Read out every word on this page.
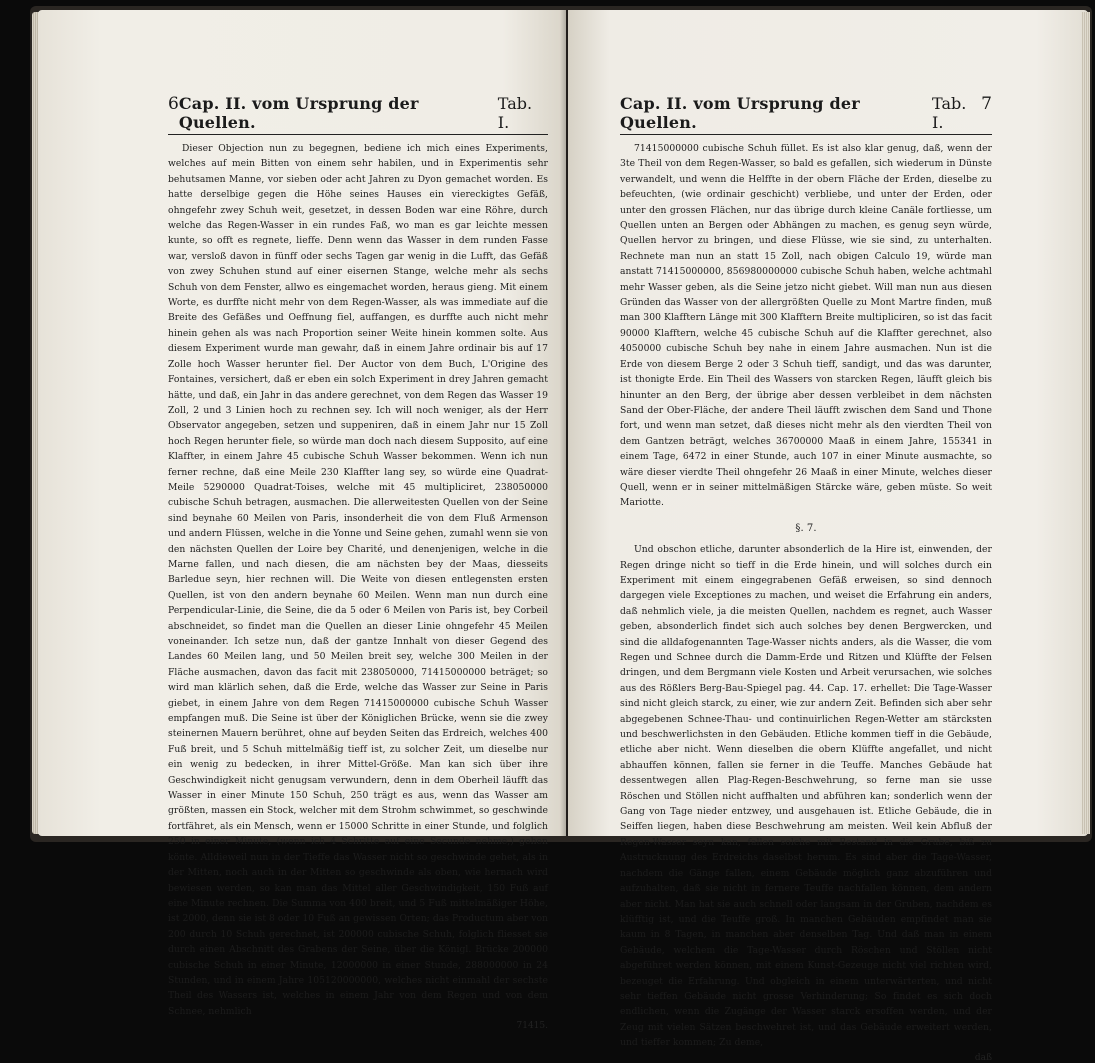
6 Cap. II. vom Ursprung der Quellen.
Tab. I.

Dieser Objection nun zu begegnen, bediene ich mich eines Experiments, welches auf mein Bitten von einem sehr habilen, und in Experimentis sehr behutsamen Manne, vor sieben oder acht Jahren zu Dyon gemachet worden. Es hatte derselbige gegen die Höhe seines Hauses ein viereckigtes Gefäß, ohngefehr zwey Schuh weit, gesetzet, in dessen Boden war eine Röhre, durch welche das Regen-Wasser in ein rundes Faß, wo man es gar leichte messen kunte, so offt es regnete, lieffe. Denn wenn das Wasser in dem runden Fasse war, versloß davon in fünff oder sechs Tagen gar wenig in die Lufft, das Gefäß von zwey Schuhen stund auf einer eisernen Stange, welche mehr als sechs Schuh von dem Fenster, allwo es eingemachet worden, heraus gieng. Mit einem Worte, es durffte nicht mehr von dem Regen-Wasser, als was immediate auf die Breite des Gefäßes und Oeffnung fiel, auffangen, es durffte auch nicht mehr hinein gehen als was nach Proportion seiner Weite hinein kommen solte. Aus diesem Experiment wurde man gewahr, daß in einem Jahre ordinair bis auf 17 Zolle hoch Wasser herunter fiel. Der Auctor von dem Buch, L'Origine des Fontaines, versichert, daß er eben ein solch Experiment in drey Jahren gemacht hätte, und daß, ein Jahr in das andere gerechnet, von dem Regen das Wasser 19 Zoll, 2 und 3 Linien hoch zu rechnen sey. Ich will noch weniger, als der Herr Observator angegeben, setzen und suppeniren, daß in einem Jahr nur 15 Zoll hoch Regen herunter fiele, so würde man doch nach diesem Supposito, auf eine Klaffter, in einem Jahre 45 cubische Schuh Wasser bekommen. Wenn ich nun ferner rechne, daß eine Meile 230 Klaffter lang sey, so würde eine Quadrat-Meile 5290000 Quadrat-Toises, welche mit 45 multipliciret, 238050000 cubische Schuh betragen, ausmachen. Die allerweitesten Quellen von der Seine sind beynahe 60 Meilen von Paris, insonderheit die von dem Fluß Armenson und andern Flüssen, welche in die Yonne und Seine gehen, zumahl wenn sie von den nächsten Quellen der Loire bey Charité, und denenjenigen, welche in die Marne fallen, und nach diesen, die am nächsten bey der Maas, diesseits Barledue seyn, hier rechnen will. Die Weite von diesen entlegensten ersten Quellen, ist von den andern beynahe 60 Meilen. Wenn man nun durch eine Perpendicular-Linie, die Seine, die da 5 oder 6 Meilen von Paris ist, bey Corbeil abschneidet, so findet man die Quellen an dieser Linie ohngefehr 45 Meilen voneinander. Ich setze nun, daß der gantze Innhalt von dieser Gegend des Landes 60 Meilen lang, und 50 Meilen breit sey, welche 300 Meilen in der Fläche ausmachen, davon das facit mit 238050000, 71415000000 beträget; so wird man klärlich sehen, daß die Erde, welche das Wasser zur Seine in Paris giebet, in einem Jahre von dem Regen 71415000000 cubische Schuh Wasser empfangen muß. Die Seine ist über der Königlichen Brücke, wenn sie die zwey steinernen Mauern berühret, ohne auf beyden Seiten das Erdreich, welches 400 Fuß breit, und 5 Schuh mittelmäßig tieff ist, zu solcher Zeit, um dieselbe nur ein wenig zu bedecken, in ihrer Mittel-Größe. Man kan sich über ihre Geschwindigkeit nicht genugsam verwundern, denn in dem Oberheil läufft das Wasser in einer Minute 150 Schuh, 250 trägt es aus, wenn das Wasser am größten, massen ein Stock, welcher mit dem Strohm schwimmet, so geschwinde fortfähret, als ein Mensch, wenn er 15000 Schritte in einer Stunde, und folglich 250 in einer Minute, (wenn ich 4 Schritte auf eine Secunde nehme,) gehen könte. Alldieweil nun in der Tieffe das Wasser nicht so geschwinde gehet, als in der Mitten, noch auch in der Mitten so geschwinde als oben, wie hernach wird bewiesen werden, so kan man das Mittel aller Geschwindigkeit, 150 Fuß auf eine Minute rechnen. Die Summa von 400 breit, und 5 Fuß mittelmäßiger Höhe, ist 2000, denn sie ist 8 oder 10 Fuß an gewissen Orten; das Productum aber von 200 durch 10 Schuh gerechnet, ist 200000 cubische Schuh, folglich fliesset sie durch einen Abschnitt des Grabens der Seine, über die Königl. Brücke 200000 cubische Schuh in einer Minute, 12000000 in einer Stunde, 288000000 in 24 Stunden, und in einem Jahre 105120000000, welches nicht einmahl der sechste Theil des Wassers ist, welches in einem Jahr von dem Regen und von dem Schnee, nehmlich

71415.
Cap. II. vom Ursprung der Quellen.
Tab. I.
7

71415000000 cubische Schuh füllet. Es ist also klar genug, daß, wenn der 3te Theil von dem Regen-Wasser, so bald es gefallen, sich wiederum in Dünste verwandelt, und wenn die Helffte in der obern Fläche der Erden, dieselbe zu befeuchten, (wie ordinair geschicht) verbliebe, und unter der Erden, oder unter den grossen Flächen, nur das übrige durch kleine Canäle fortliesse, um Quellen unten an Bergen oder Abhängen zu machen, es genug seyn würde, Quellen hervor zu bringen, und diese Flüsse, wie sie sind, zu unterhalten. Rechnete man nun an statt 15 Zoll, nach obigen Calculo 19, würde man anstatt 71415000000, 856980000000 cubische Schuh haben, welche achtmahl mehr Wasser geben, als die Seine jetzo nicht giebet. Will man nun aus diesen Gründen das Wasser von der allergrößten Quelle zu Mont Martre finden, muß man 300 Klafftern Länge mit 300 Klafftern Breite multipliciren, so ist das facit 90000 Klafftern, welche 45 cubische Schuh auf die Klaffter gerechnet, also 4050000 cubische Schuh bey nahe in einem Jahre ausmachen. Nun ist die Erde von diesem Berge 2 oder 3 Schuh tieff, sandigt, und das was darunter, ist thonigte Erde. Ein Theil des Wassers von starcken Regen, läufft gleich bis hinunter an den Berg, der übrige aber dessen verbleibet in dem nächsten Sand der Ober-Fläche, der andere Theil läufft zwischen dem Sand und Thone fort, und wenn man setzet, daß dieses nicht mehr als den vierdten Theil von dem Gantzen beträgt, welches 36700000 Maaß in einem Jahre, 155341 in einem Tage, 6472 in einer Stunde, auch 107 in einer Minute ausmachte, so wäre dieser vierdte Theil ohngefehr 26 Maaß in einer Minute, welches dieser Quell, wenn er in seiner mittelmäßigen Stärcke wäre, geben müste. So weit Mariotte.

§. 7.

Und obschon etliche, darunter absonderlich de la Hire ist, einwenden, der Regen dringe nicht so tieff in die Erde hinein, und will solches durch ein Experiment mit einem eingegrabenen Gefäß erweisen, so sind dennoch dargegen viele Exceptiones zu machen, und weiset die Erfahrung ein anders, daß nehmlich viele, ja die meisten Quellen, nachdem es regnet, auch Wasser geben, absonderlich findet sich auch solches bey denen Bergwercken, und sind die alldafogenannten Tage-Wasser nichts anders, als die Wasser, die vom Regen und Schnee durch die Damm-Erde und Ritzen und Klüffte der Felsen dringen, und dem Bergmann viele Kosten und Arbeit verursachen, wie solches aus des Rößlers Berg-Bau-Spiegel pag. 44. Cap. 17. erhellet: Die Tage-Wasser sind nicht gleich starck, zu einer, wie zur andern Zeit. Befinden sich aber sehr abgegebenen Schnee-Thau- und continuirlichen Regen-Wetter am stärcksten und beschwerlichsten in den Gebäuden. Etliche kommen tieff in die Gebäude, etliche aber nicht. Wenn dieselben die obern Klüffte angefallet, und nicht abhauffen können, fallen sie ferner in die Teuffe. Manches Gebäude hat dessentwegen allen Plag-Regen-Beschwehrung, so ferne man sie usse Röschen und Stöllen nicht auffhalten und abführen kan; sonderlich wenn der Gang von Tage nieder entzwey, und ausgehauen ist. Etliche Gebäude, die in Seiffen liegen, haben diese Beschwehrung am meisten. Weil kein Abfluß der Regen-Wasser seyn kan, fallen solche mit Bestand in die Grube, biß zu Austrucknung des Erdreichs daselbst herum. Es sind aber die Tage-Wasser, nachdem die Gänge fallen, einem Gebäude möglich ganz abzuführen und aufzuhalten, daß sie nicht in fernere Teuffe nachfallen können, dem andern aber nicht. Man hat sie auch schnell oder langsam in der Gruben, nachdem es klüfftig ist, und die Teuffe groß. In manchen Gebäuden empfindet man sie kaum in 8 Tagen, in manchen aber denselben Tag. Und daß man in einem Gebäude, welchem die Tage-Wasser durch Röschen und Stöllen nicht abgeführet werden können, mit einem Kunst-Gezeuge nicht viel richten wird, bezeuget die Erfahrung. Und obgleich in einem unterwärterten, und nicht sehr tieffen Gebäude nicht grosse Verhinderung; So findet es sich doch endlichen, wenn die Zugänge der Wasser starck ersoffen werden, und der Zeug mit vielen Sätzen beschwehret ist, und das Gebäude erweitert werden, und tieffer kommen; Zu deme,

daß
